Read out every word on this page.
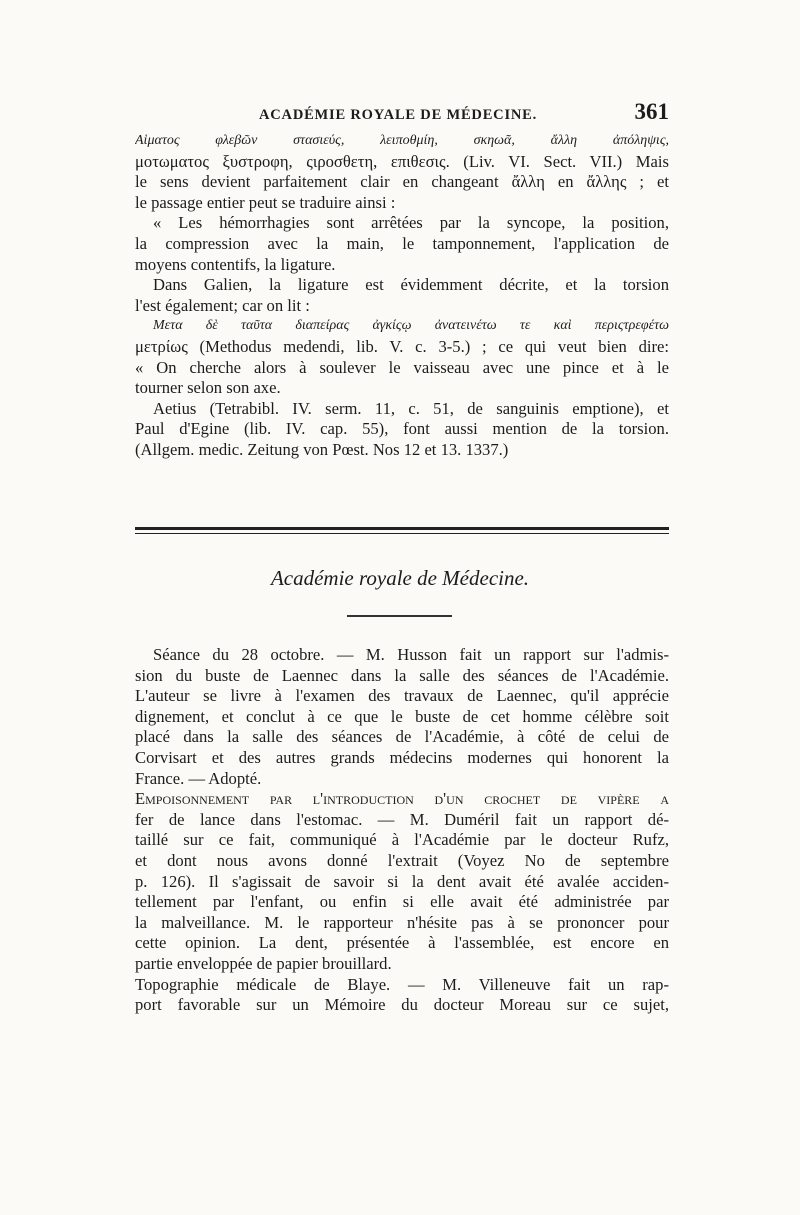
ACADÉMIE ROYALE DE MÉDECINE.	361
Αἱματος φλεβῶν στασιεύς, λειποθμίη, σκηωᾶ, ἄλλη ἀπόληψις,
μοτωματος ξυστροφη, ςιροσθετη, επιθεσις. (Liv. VI. Sect. VII.) Mais
le sens devient parfaitement clair en changeant ἄλλη en ἄλλης ; et
le passage entier peut se traduire ainsi :
« Les hémorrhagies sont arrêtées par la syncope, la position,
la compression avec la main, le tamponnement, l'application de
moyens contentifs, la ligature.
Dans Galien, la ligature est évidemment décrite, et la torsion
l'est également; car on lit :
Μετα δὲ ταῦτα διαπείρας ἀγκίςῳ ἀνατεινέτω τε καὶ περιςτρεφέτω
μετρίως (Methodus medendi, lib. V. c. 3-5.) ; ce qui veut bien dire:
« On cherche alors à soulever le vaisseau avec une pince et à le
tourner selon son axe.
Aetius (Tetrabibl. IV. serm. 11, c. 51, de sanguinis emptione), et
Paul d'Egine (lib. IV. cap. 55), font aussi mention de la torsion.
(Allgem. medic. Zeitung von Pœst. Nos 12 et 13. 1337.)
Académie royale de Médecine.
Séance du 28 octobre. — M. Husson fait un rapport sur l'admis-
sion du buste de Laennec dans la salle des séances de l'Académie.
L'auteur se livre à l'examen des travaux de Laennec, qu'il apprécie
dignement, et conclut à ce que le buste de cet homme célèbre soit
placé dans la salle des séances de l'Académie, à côté de celui de
Corvisart et des autres grands médecins modernes qui honorent la
France. — Adopté.
Empoisonnement par l'introduction d'un crochet de vipère a
fer de lance dans l'estomac. — M. Duméril fait un rapport dé-
taillé sur ce fait, communiqué à l'Académie par le docteur Rufz,
et dont nous avons donné l'extrait (Voyez No de septembre
p. 126). Il s'agissait de savoir si la dent avait été avalée acciden-
tellement par l'enfant, ou enfin si elle avait été administrée par
la malveillance. M. le rapporteur n'hésite pas à se prononcer pour
cette opinion. La dent, présentée à l'assemblée, est encore en
partie enveloppée de papier brouillard.
Topographie médicale de Blaye. — M. Villeneuve fait un rap-
port favorable sur un Mémoire du docteur Moreau sur ce sujet,
